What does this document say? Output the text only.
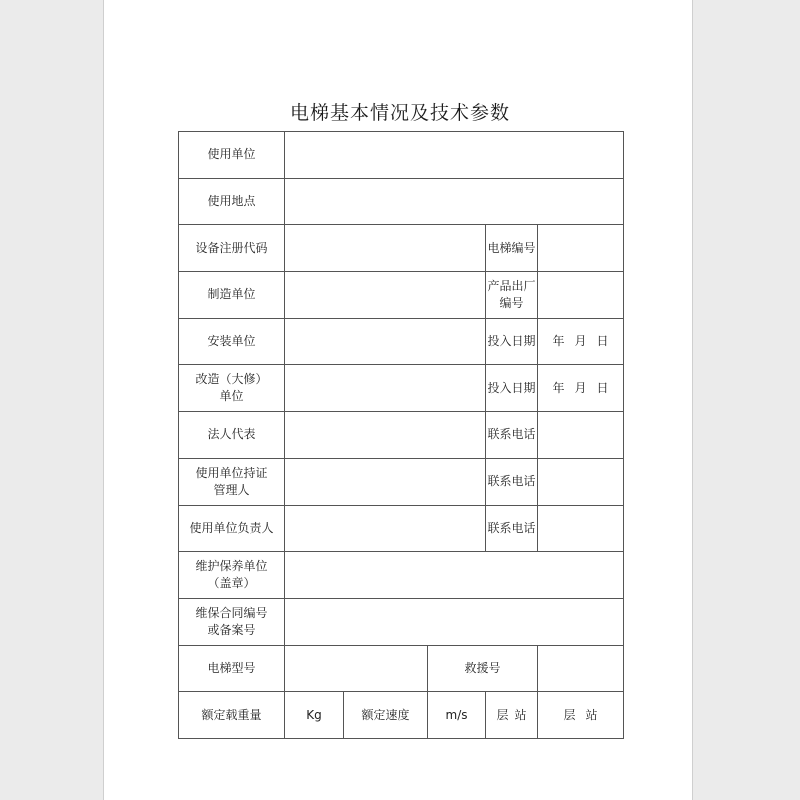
电梯基本情况及技术参数
使用单位					
使用地点					
设备注册代码				电梯编号	
制造单位				产品出厂编号	
安装单位				投入日期	年 月 日
改造（大修）
单位				投入日期	年 月 日
法人代表				联系电话	
使用单位持证
管理人				联系电话	
使用单位负责人				联系电话	
维护保养单位
（盖章）					
维保合同编号
或备案号					
电梯型号			救援号		
额定载重量	Kg	额定速度	m/s	层 站	层 站
